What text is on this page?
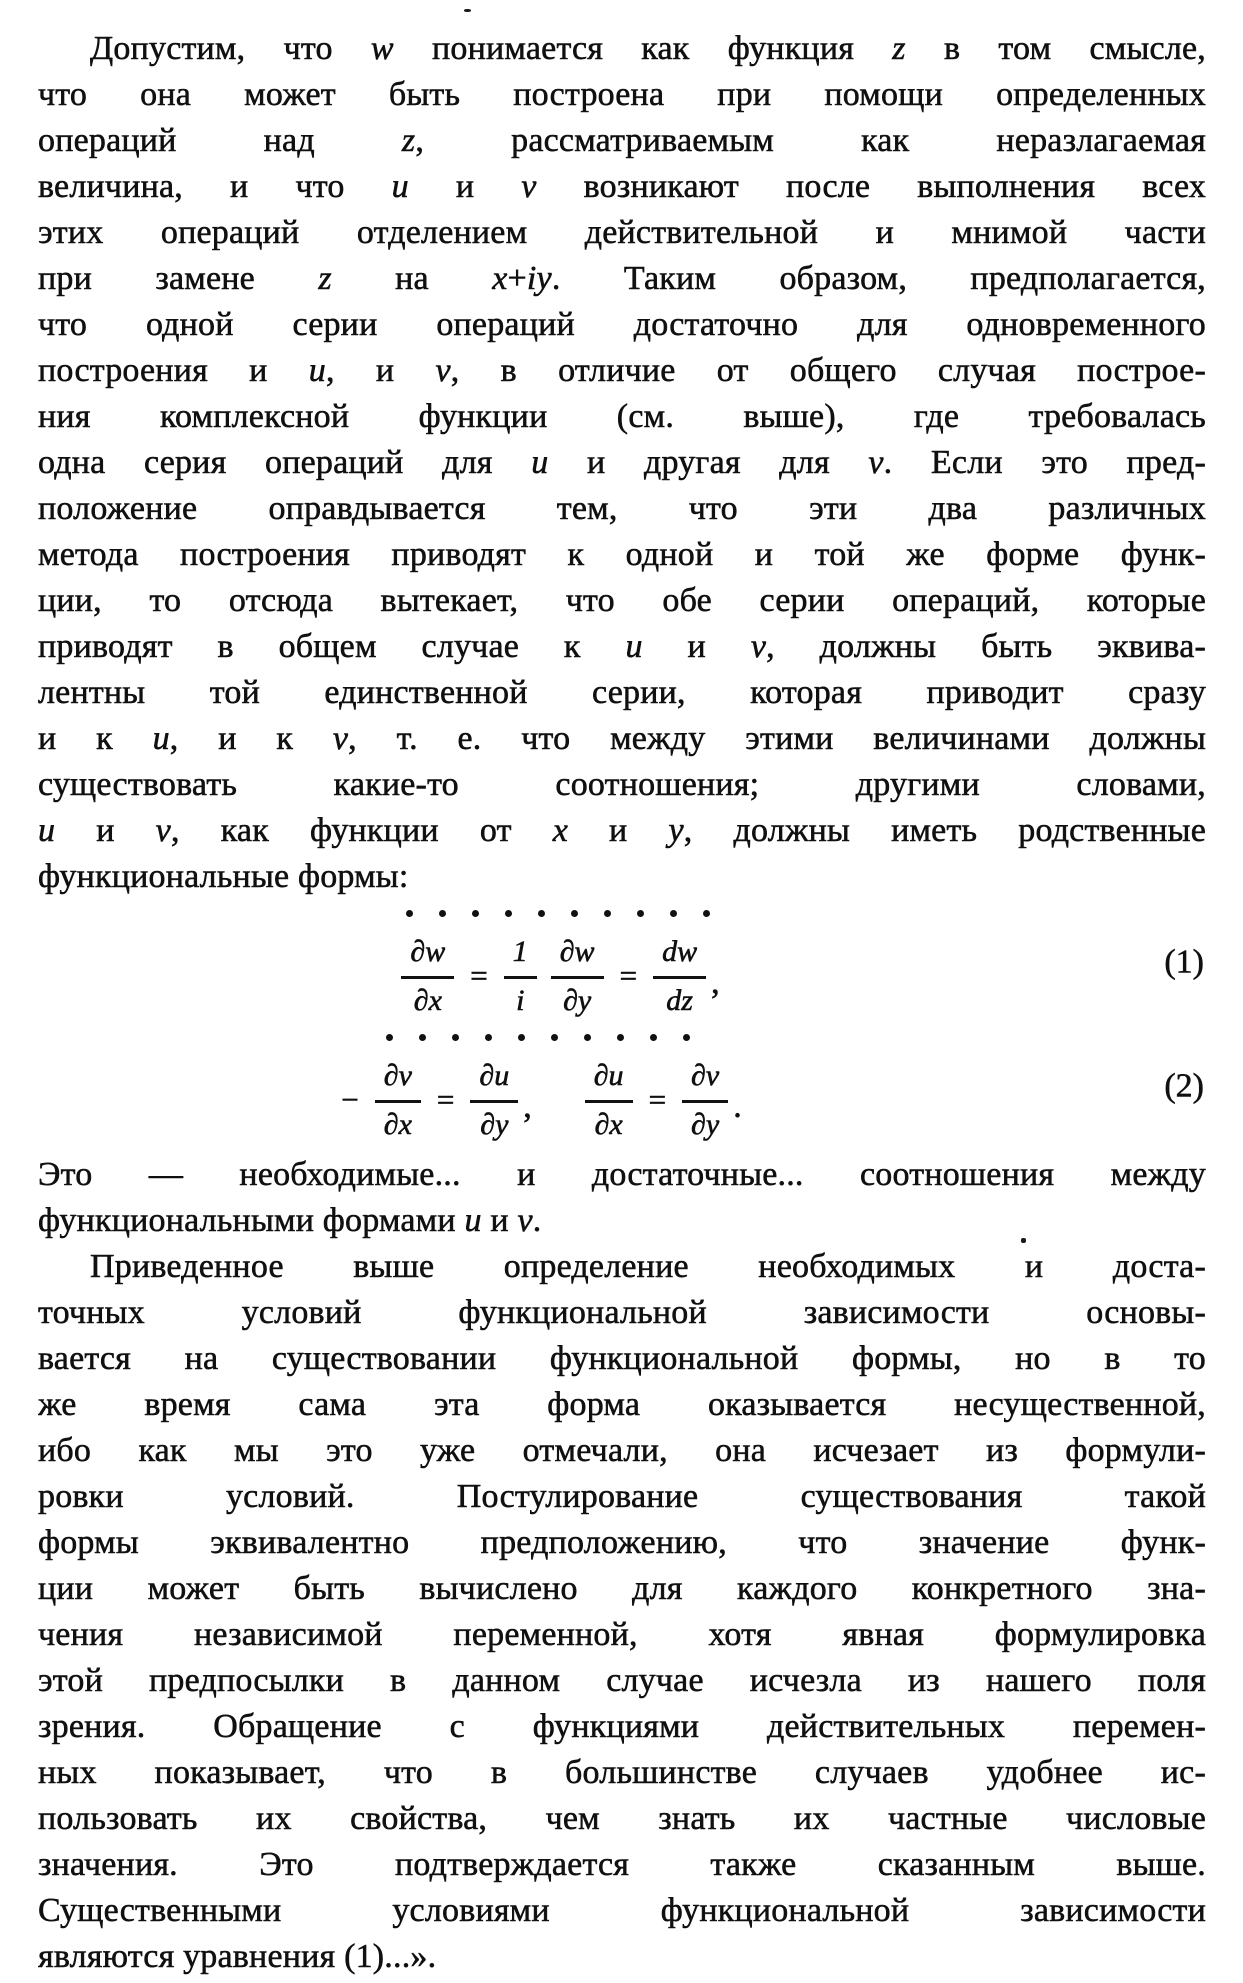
Допустим, что w понимается как функция z в том смысле,
что она может быть построена при помощи определенных
операций над z, рассматриваемым как неразлагаемая
величина, и что u и v возникают после выполнения всех
этих операций отделением действительной и мнимой части
при замене z на x+iy. Таким образом, предполагается,
что одной серии операций достаточно для одновременного
построения и u, и v, в отличие от общего случая построе-
ния комплексной функции (см. выше), где требовалась
одна серия операций для u и другая для v. Если это пред-
положение оправдывается тем, что эти два различных
метода построения приводят к одной и той же форме функ-
ции, то отсюда вытекает, что обе серии операций, которые
приводят в общем случае к u и v, должны быть эквива-
лентны той единственной серии, которая приводит сразу
и к u, и к v, т. е. что между этими величинами должны
существовать какие-то соотношения; другими словами,
u и v, как функции от x и y, должны иметь родственные
функциональные формы:
$\frac{\partial w}{\partial x} = \frac{1}{i} \frac{\partial w}{\partial y} = \frac{dw}{dz}$ ,
(1)
− $\frac{\partial v}{\partial x} = \frac{\partial u}{\partial y}$ , $\frac{\partial u}{\partial x} = \frac{\partial v}{\partial y}$ .
(2)
Это — необходимые... и достаточные... соотношения между
функциональными формами u и v.
Приведенное выше определение необходимых и доста-
точных условий функциональной зависимости основы-
вается на существовании функциональной формы, но в то
же время сама эта форма оказывается несущественной,
ибо как мы это уже отмечали, она исчезает из формули-
ровки условий. Постулирование существования такой
формы эквивалентно предположению, что значение функ-
ции может быть вычислено для каждого конкретного зна-
чения независимой переменной, хотя явная формулировка
этой предпосылки в данном случае исчезла из нашего поля
зрения. Обращение с функциями действительных перемен-
ных показывает, что в большинстве случаев удобнее ис-
пользовать их свойства, чем знать их частные числовые
значения. Это подтверждается также сказанным выше.
Существенными условиями функциональной зависимости
являются уравнения (1)...».
